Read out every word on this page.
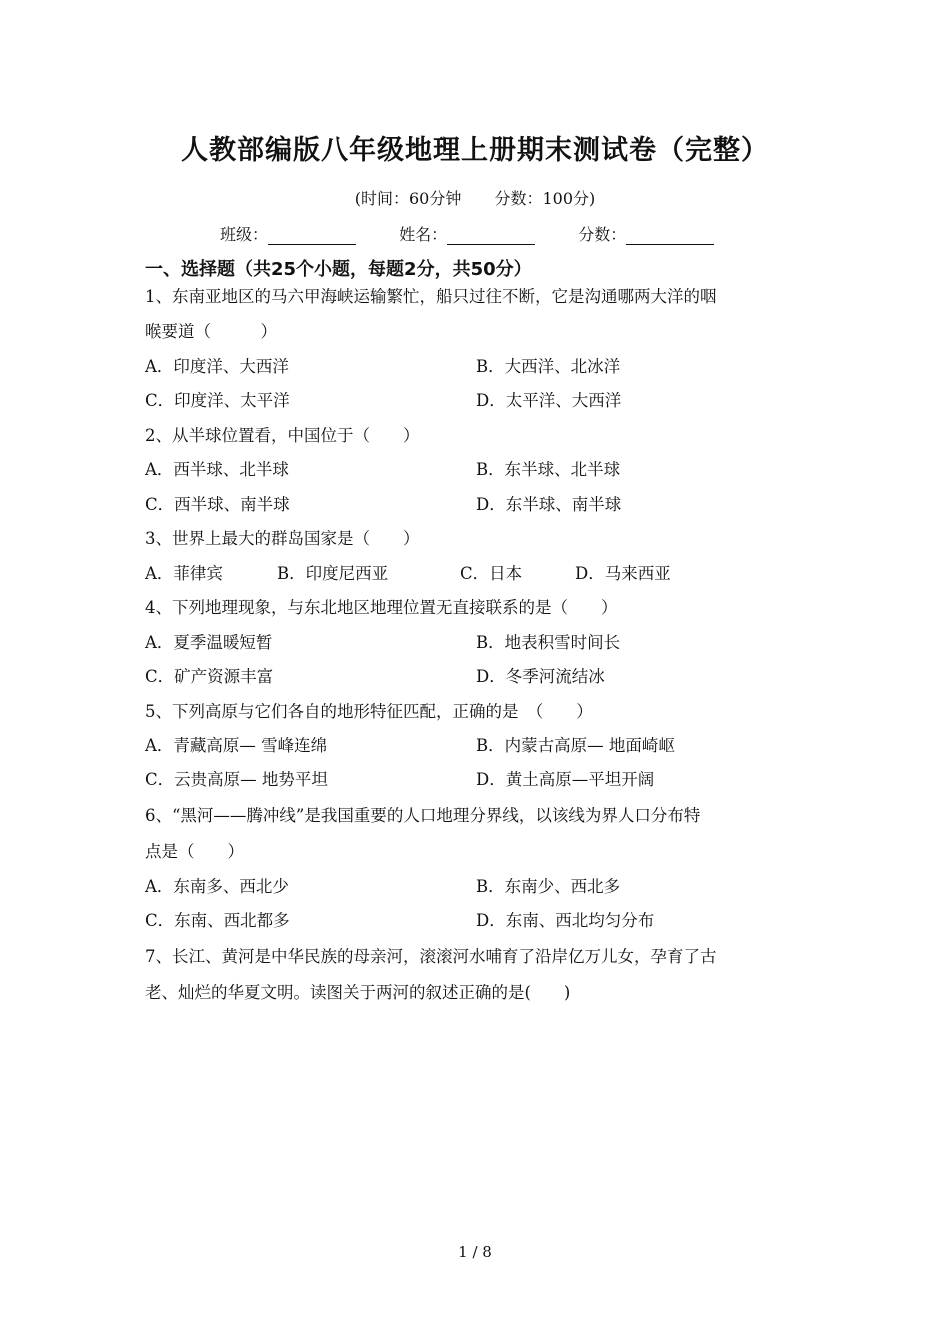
人教部编版八年级地理上册期末测试卷（完整）
(时间：60分钟 分数：100分)
班级：	姓名：	分数：
一、选择题（共25个小题，每题2分，共50分）
1、东南亚地区的马六甲海峡运输繁忙，船只过往不断，它是沟通哪两大洋的咽
喉要道（　　　）
A．印度洋、大西洋	B．大西洋、北冰洋
C．印度洋、太平洋	D．太平洋、大西洋
2、从半球位置看，中国位于（　　）
A．西半球、北半球	B．东半球、北半球
C．西半球、南半球	D．东半球、南半球
3、世界上最大的群岛国家是（　　）
A．菲律宾	B．印度尼西亚	C．日本	D．马来西亚
4、下列地理现象，与东北地区地理位置无直接联系的是（　　）
A．夏季温暖短暂	B．地表积雪时间长
C．矿产资源丰富	D．冬季河流结冰
5、下列高原与它们各自的地形特征匹配，正确的是　（　　）
A．青藏高原— 雪峰连绵	B．内蒙古高原— 地面崎岖
C．云贵高原— 地势平坦	D．黄土高原—平坦开阔
6、“黑河——腾冲线”是我国重要的人口地理分界线，以该线为界人口分布特
点是（　　）
A．东南多、西北少	B．东南少、西北多
C．东南、西北都多	D．东南、西北均匀分布
7、长江、黄河是中华民族的母亲河，滚滚河水哺育了沿岸亿万儿女，孕育了古
老、灿烂的华夏文明。读图关于两河的叙述正确的是(　　)
1 / 8
